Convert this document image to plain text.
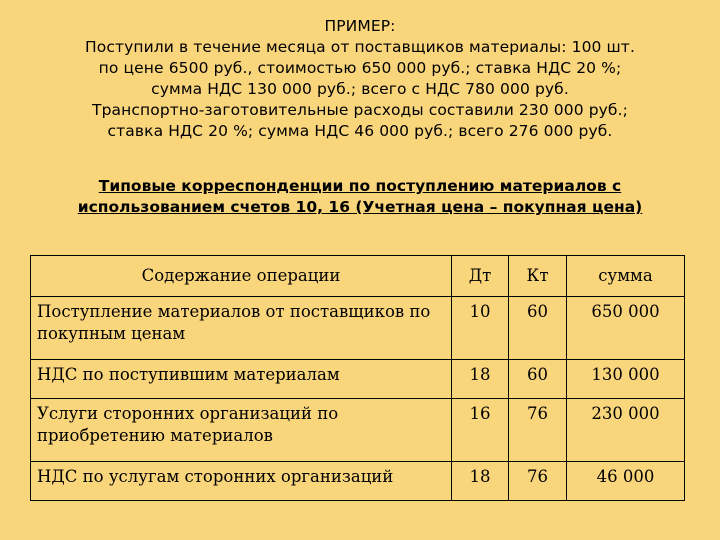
ПРИМЕР:
Поступили в течение месяца от поставщиков материалы: 100 шт.
по цене 6500 руб., стоимостью 650 000 руб.; ставка НДС 20 %;
сумма НДС 130 000 руб.; всего с НДС 780 000 руб.
Транспортно-заготовительные расходы составили 230 000 руб.;
ставка НДС 20 %; сумма НДС 46 000 руб.; всего 276 000 руб.
Типовые корреспонденции по поступлению материалов с
использованием счетов 10, 16 (Учетная цена – покупная цена)
Содержание операции	Дт	Кт	сумма
Поступление материалов от поставщиков по покупным ценам	10	60	650 000
НДС по поступившим материалам	18	60	130 000
Услуги сторонних организаций по приобретению материалов	16	76	230 000
НДС по услугам сторонних организаций	18	76	46 000
